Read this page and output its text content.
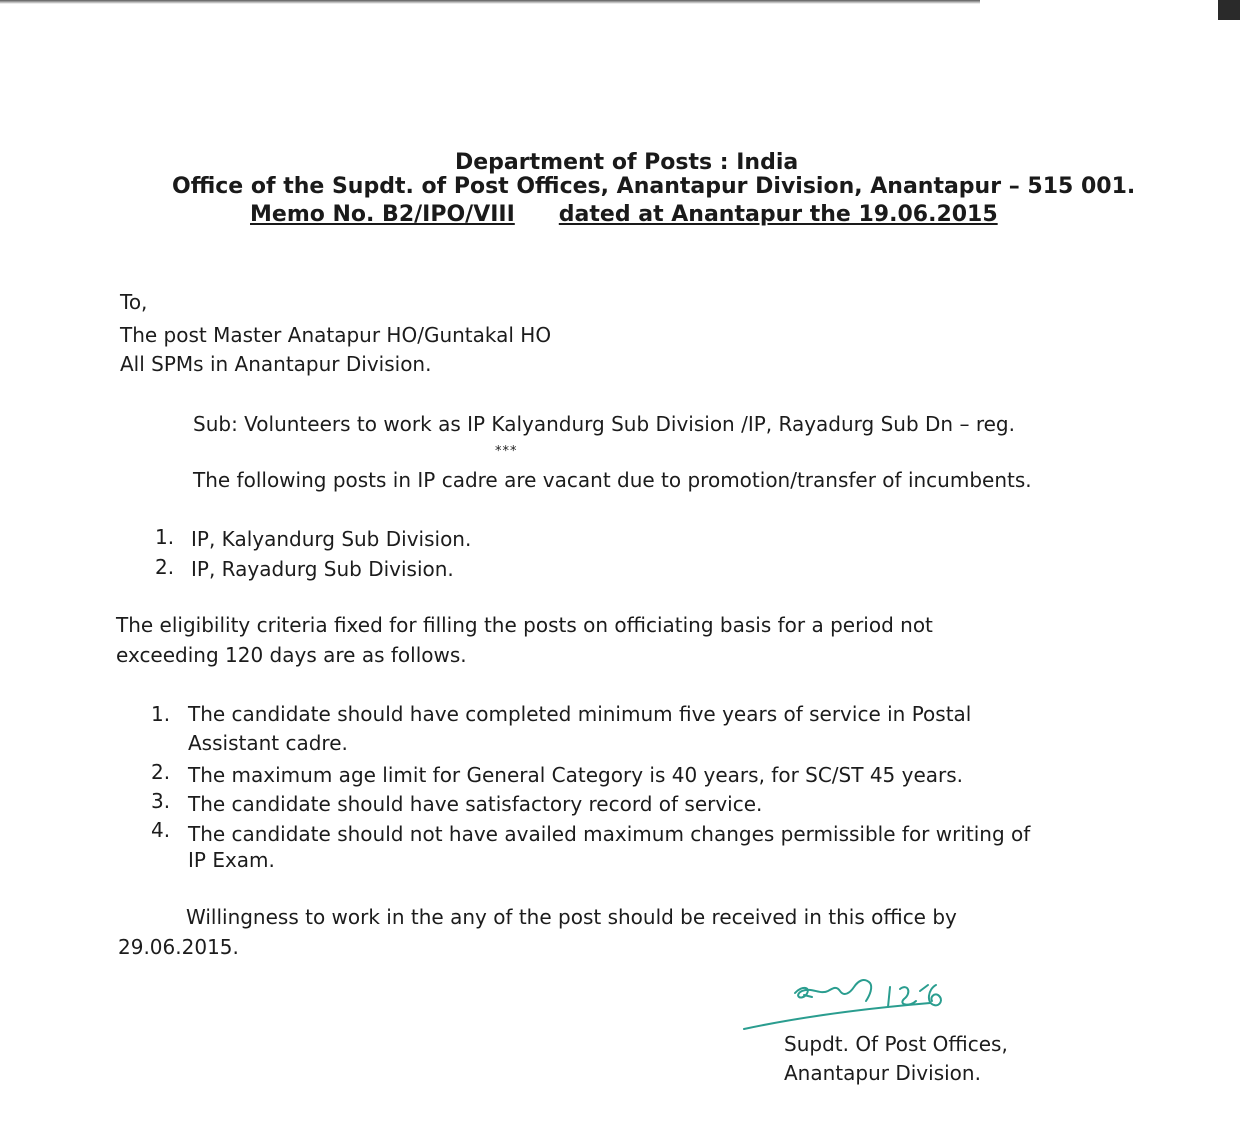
Department of Posts : India
Office of the Supdt. of Post Offices, Anantapur Division, Anantapur – 515 001.
Memo No. B2/IPO/VIII dated at Anantapur the 19.06.2015
To,
The post Master Anatapur HO/Guntakal HO
All SPMs in Anantapur Division.
Sub: Volunteers to work as IP Kalyandurg Sub Division /IP, Rayadurg Sub Dn – reg.
***
The following posts in IP cadre are vacant due to promotion/transfer of incumbents.
1. IP, Kalyandurg Sub Division.
2. IP, Rayadurg Sub Division.
The eligibility criteria fixed for filling the posts on officiating basis for a period not
exceeding 120 days are as follows.
1. The candidate should have completed minimum five years of service in Postal
Assistant cadre.
2. The maximum age limit for General Category is 40 years, for SC/ST 45 years.
3. The candidate should have satisfactory record of service.
4. The candidate should not have availed maximum changes permissible for writing of
IP Exam.
Willingness to work in the any of the post should be received in this office by
29.06.2015.
Supdt. Of Post Offices,
Anantapur Division.
